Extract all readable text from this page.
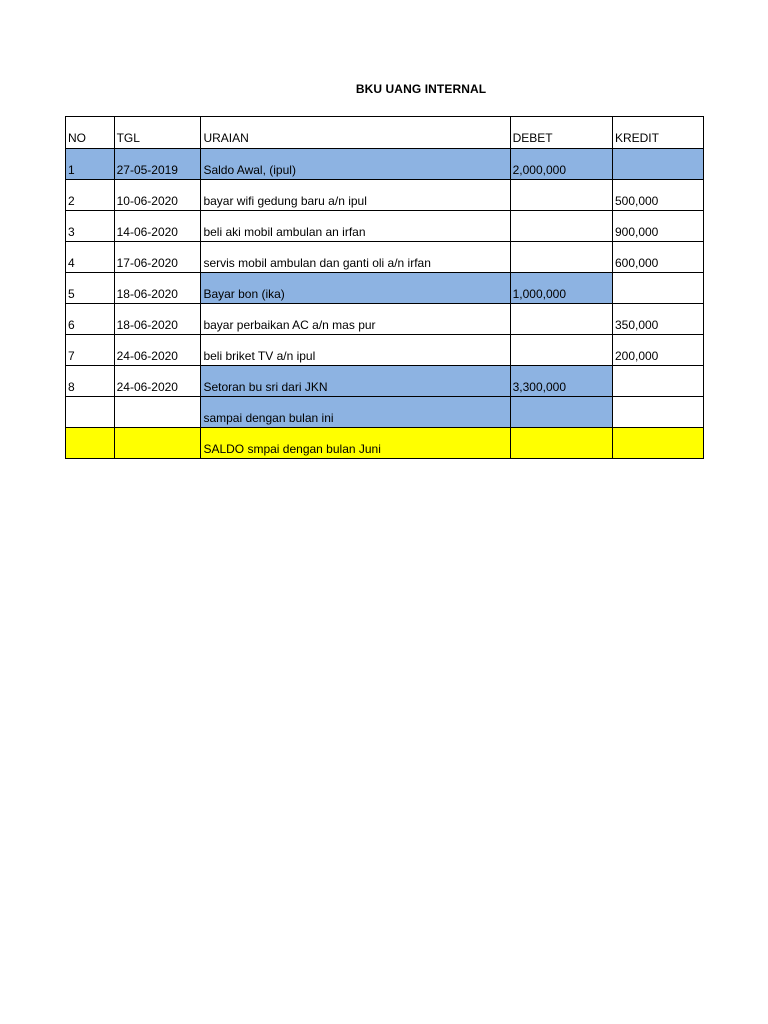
BKU UANG INTERNAL
NO	TGL	URAIAN	DEBET	KREDIT
1	27-05-2019	Saldo Awal, (ipul)	2,000,000	
2	10-06-2020	bayar wifi gedung baru a/n ipul		500,000
3	14-06-2020	beli aki mobil ambulan an irfan		900,000
4	17-06-2020	servis mobil ambulan dan ganti oli a/n irfan		600,000
5	18-06-2020	Bayar bon (ika)	1,000,000	
6	18-06-2020	bayar perbaikan AC a/n mas pur		350,000
7	24-06-2020	beli briket TV a/n ipul		200,000
8	24-06-2020	Setoran bu sri dari JKN	3,300,000	
		sampai dengan bulan ini		
		SALDO smpai dengan bulan Juni		
